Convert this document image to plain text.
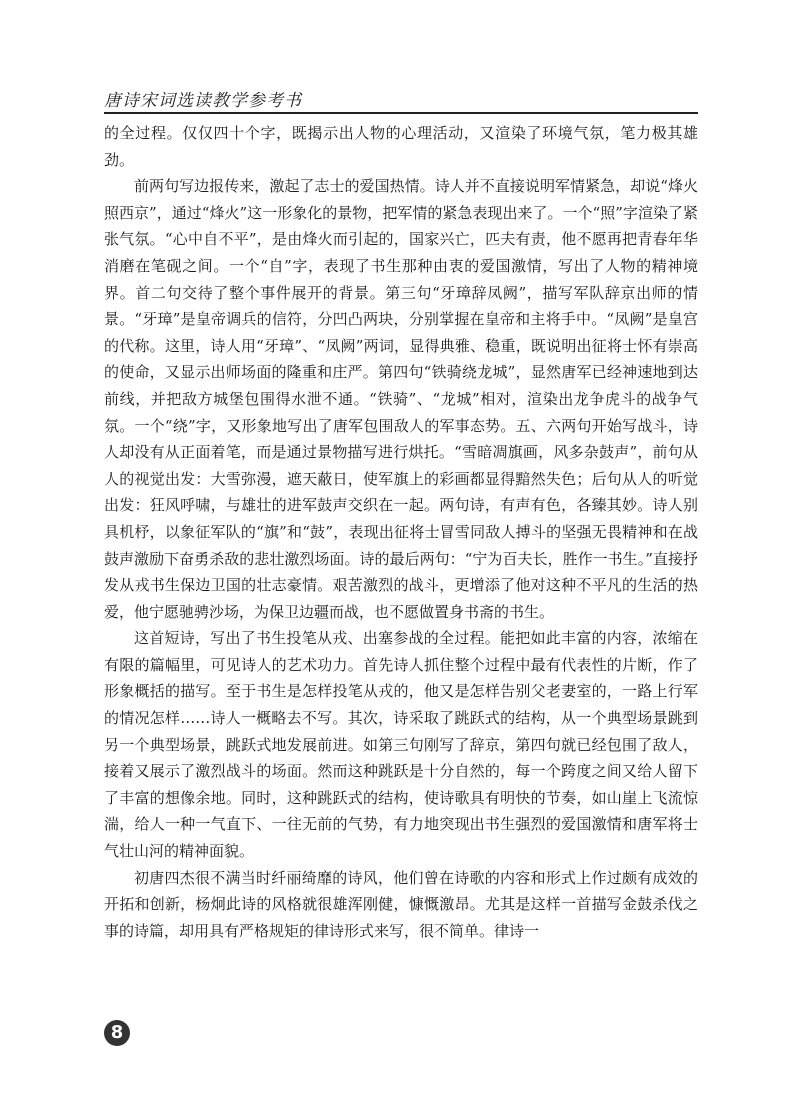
唐诗宋词选读教学参考书

的全过程。仅仅四十个字，既揭示出人物的心理活动，又渲染了环境气氛，笔力极其雄劲。

前两句写边报传来，激起了志士的爱国热情。诗人并不直接说明军情紧急，却说“烽火照西京”，通过“烽火”这一形象化的景物，把军情的紧急表现出来了。一个“照”字渲染了紧张气氛。“心中自不平”，是由烽火而引起的，国家兴亡，匹夫有责，他不愿再把青春年华消磨在笔砚之间。一个“自”字，表现了书生那种由衷的爱国激情，写出了人物的精神境界。首二句交待了整个事件展开的背景。第三句“牙璋辞凤阙”，描写军队辞京出师的情景。“牙璋”是皇帝调兵的信符，分凹凸两块，分别掌握在皇帝和主将手中。“凤阙”是皇宫的代称。这里，诗人用“牙璋”、“凤阙”两词，显得典雅、稳重，既说明出征将士怀有崇高的使命，又显示出师场面的隆重和庄严。第四句“铁骑绕龙城”，显然唐军已经神速地到达前线，并把敌方城堡包围得水泄不通。“铁骑”、“龙城”相对，渲染出龙争虎斗的战争气氛。一个“绕”字，又形象地写出了唐军包围敌人的军事态势。五、六两句开始写战斗，诗人却没有从正面着笔，而是通过景物描写进行烘托。“雪暗凋旗画，风多杂鼓声”，前句从人的视觉出发：大雪弥漫，遮天蔽日，使军旗上的彩画都显得黯然失色；后句从人的听觉出发：狂风呼啸，与雄壮的进军鼓声交织在一起。两句诗，有声有色，各臻其妙。诗人别具机杼，以象征军队的“旗”和“鼓”，表现出征将士冒雪同敌人搏斗的坚强无畏精神和在战鼓声激励下奋勇杀敌的悲壮激烈场面。诗的最后两句：“宁为百夫长，胜作一书生。”直接抒发从戎书生保边卫国的壮志豪情。艰苦激烈的战斗，更增添了他对这种不平凡的生活的热爱，他宁愿驰骋沙场，为保卫边疆而战，也不愿做置身书斋的书生。

这首短诗，写出了书生投笔从戎、出塞参战的全过程。能把如此丰富的内容，浓缩在有限的篇幅里，可见诗人的艺术功力。首先诗人抓住整个过程中最有代表性的片断，作了形象概括的描写。至于书生是怎样投笔从戎的，他又是怎样告别父老妻室的，一路上行军的情况怎样……诗人一概略去不写。其次，诗采取了跳跃式的结构，从一个典型场景跳到另一个典型场景，跳跃式地发展前进。如第三句刚写了辞京，第四句就已经包围了敌人，接着又展示了激烈战斗的场面。然而这种跳跃是十分自然的，每一个跨度之间又给人留下了丰富的想像余地。同时，这种跳跃式的结构，使诗歌具有明快的节奏，如山崖上飞流惊湍，给人一种一气直下、一往无前的气势，有力地突现出书生强烈的爱国激情和唐军将士气壮山河的精神面貌。

初唐四杰很不满当时纤丽绮靡的诗风，他们曾在诗歌的内容和形式上作过颇有成效的开拓和创新，杨炯此诗的风格就很雄浑刚健，慷慨激昂。尤其是这样一首描写金鼓杀伐之事的诗篇，却用具有严格规矩的律诗形式来写，很不简单。律诗一

8
